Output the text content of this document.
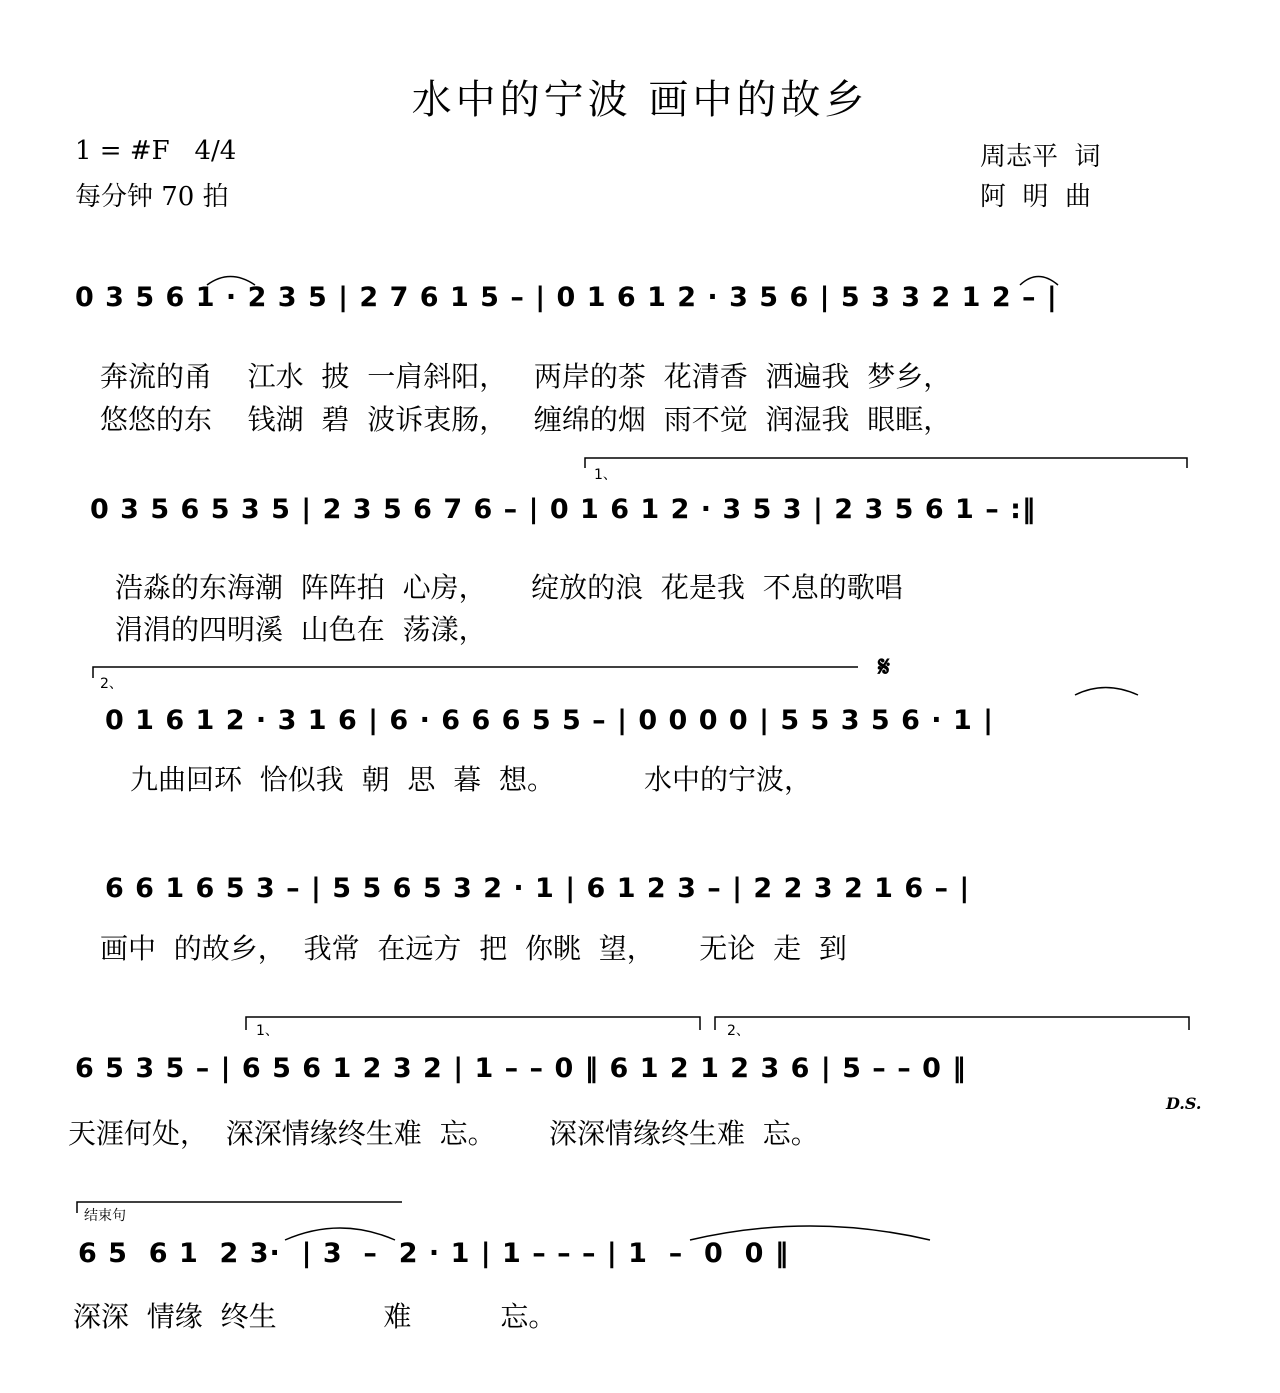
水中的宁波 画中的故乡
1 = #F   4/4
每分钟 70 拍
周志平  词
阿  明  曲
0 3 5 6 1 · 2 3 5 | 2 7 6 1 5 – | 0 1 6 1 2 · 3 5 6 | 5 3 3 2 1 2 – |
奔流的甬    江水  披  一肩斜阳，   两岸的茶  花清香  洒遍我  梦乡，
悠悠的东    钱湖  碧  波诉衷肠，   缠绵的烟  雨不觉  润湿我  眼眶，
1、
0 3 5 6 5 3 5 | 2 3 5 6 7 6 – | 0 1 6 1 2 · 3 5 3 | 2 3 5 6 1 – :‖
浩淼的东海潮  阵阵拍  心房，     绽放的浪  花是我  不息的歌唱
涓涓的四明溪  山色在  荡漾，
2、
𝄋
0 1 6 1 2 · 3 1 6 | 6 · 6 6 6 5 5 – | 0 0 0 0 | 5 5 3 5 6 · 1 |
九曲回环  恰似我  朝  思  暮  想。          水中的宁波，
6 6 1 6 5 3 – | 5 5 6 5 3 2 · 1 | 6 1 2 3 – | 2 2 3 2 1 6 – |
画中  的故乡，  我常  在远方  把  你眺  望，     无论  走  到
1、	2、
6 5 3 5 – | 6 5 6 1 2 3 2 | 1 – – 0 ‖ 6 1 2 1 2 3 6 | 5 – – 0 ‖
D.S.
天涯何处，  深深情缘终生难  忘。      深深情缘终生难  忘。
结束句
6 5  6 1  2 3·  | 3  –  2 · 1 | 1 – – – | 1  –  0  0 ‖
深深  情缘  终生            难          忘。
